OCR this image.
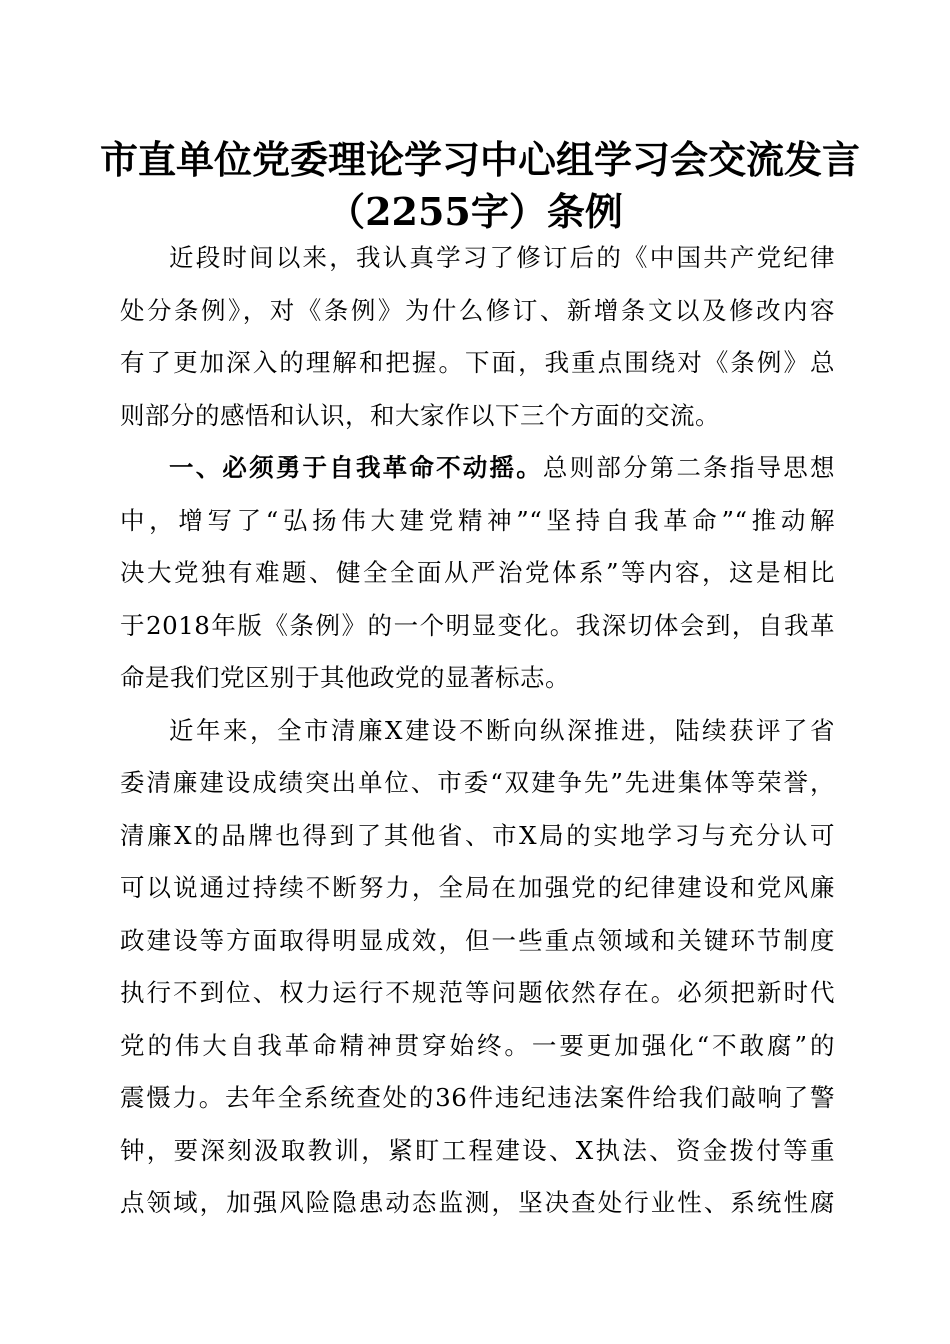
市直单位党委理论学习中心组学习会交流发言
（2255字）条例
近段时间以来，我认真学习了修订后的《中国共产党纪律
处分条例》，对《条例》为什么修订、新增条文以及修改内容
有了更加深入的理解和把握。下面，我重点围绕对《条例》总
则部分的感悟和认识，和大家作以下三个方面的交流。
一、必须勇于自我革命不动摇。总则部分第二条指导思想
中，增写了“弘扬伟大建党精神”“坚持自我革命”“推动解
决大党独有难题、健全全面从严治党体系”等内容，这是相比
于2018年版《条例》的一个明显变化。我深切体会到，自我革
命是我们党区别于其他政党的显著标志。
近年来，全市清廉X建设不断向纵深推进，陆续获评了省
委清廉建设成绩突出单位、市委“双建争先”先进集体等荣誉，
清廉X的品牌也得到了其他省、市X局的实地学习与充分认可
可以说通过持续不断努力，全局在加强党的纪律建设和党风廉
政建设等方面取得明显成效，但一些重点领域和关键环节制度
执行不到位、权力运行不规范等问题依然存在。必须把新时代
党的伟大自我革命精神贯穿始终。一要更加强化“不敢腐”的
震慑力。去年全系统查处的36件违纪违法案件给我们敲响了警
钟，要深刻汲取教训，紧盯工程建设、X执法、资金拨付等重
点领域，加强风险隐患动态监测，坚决查处行业性、系统性腐
